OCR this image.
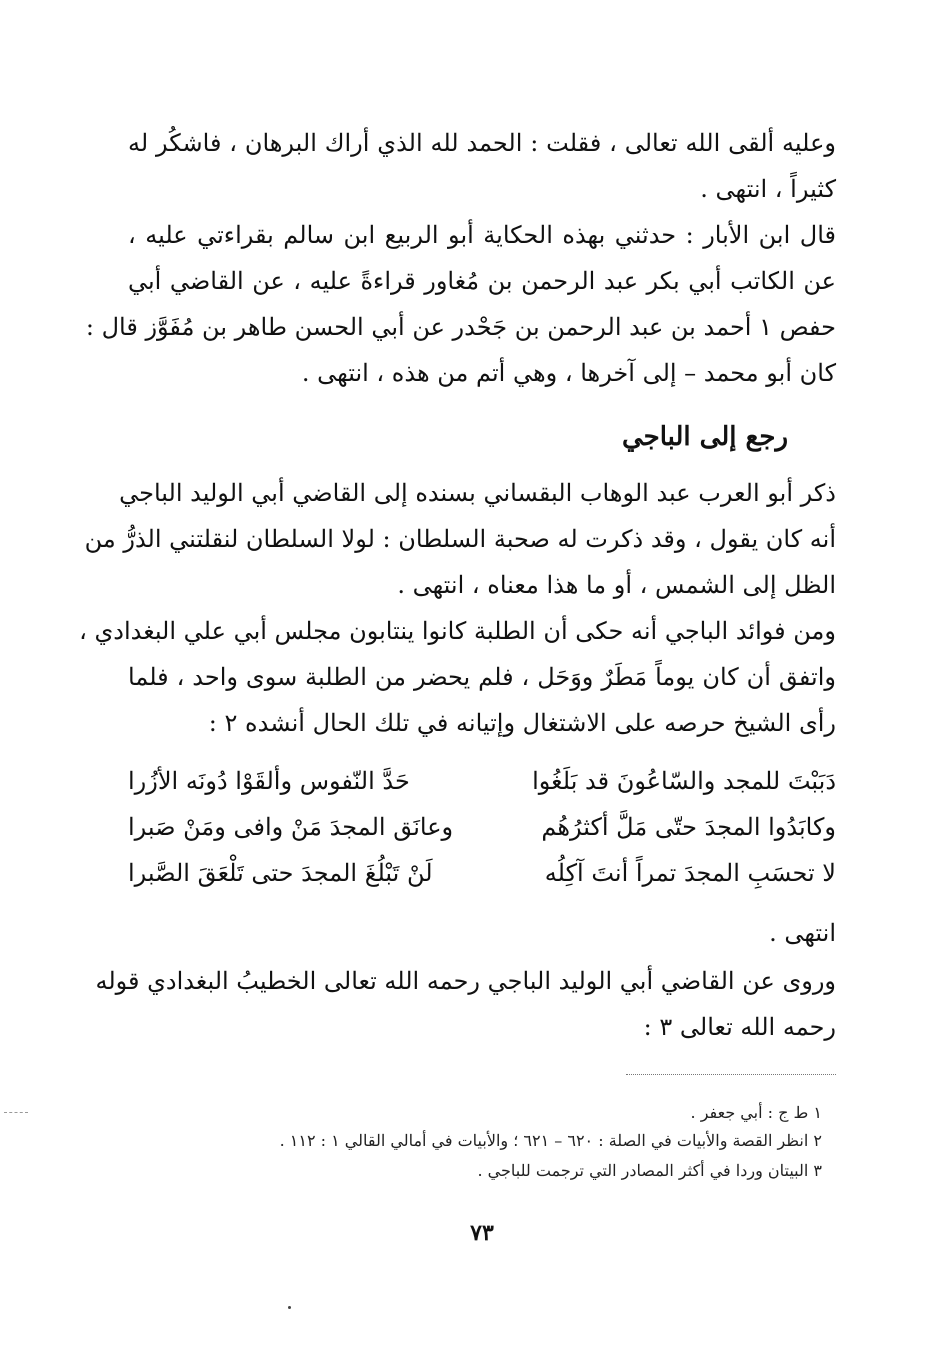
وعليه ألقى الله تعالى ، فقلت : الحمد لله الذي أراك البرهان ، فاشكُر له
كثيراً ، انتهى .
قال ابن الأبار : حدثني بهذه الحكاية أبو الربيع ابن سالم بقراءتي عليه ،
عن الكاتب أبي بكر عبد الرحمن بن مُغاور قراءةً عليه ، عن القاضي أبي
حفص ١ أحمد بن عبد الرحمن بن جَحْدر عن أبي الحسن طاهر بن مُفَوَّز قال :
كان أبو محمد – إلى آخرها ، وهي أتم من هذه ، انتهى .
رجع إلى الباجي
ذكر أبو العرب عبد الوهاب البقساني بسنده إلى القاضي أبي الوليد الباجي
أنه كان يقول ، وقد ذكرت له صحبة السلطان : لولا السلطان لنقلتني الذرُّ من
الظل إلى الشمس ، أو ما هذا معناه ، انتهى .
ومن فوائد الباجي أنه حكى أن الطلبة كانوا ينتابون مجلس أبي علي البغدادي ،
واتفق أن كان يوماً مَطَرٌ ووَحَل ، فلم يحضر من الطلبة سوى واحد ، فلما
رأى الشيخ حرصه على الاشتغال وإتيانه في تلك الحال أنشده ٢ :
دَبَبْتَ للمجد والسّاعُونَ قد بَلَغُوا
حَدَّ النّفوس وألقَوْا دُونَه الأزُرا
وكابَدُوا المجدَ حتّى مَلَّ أكثرُهُم
وعانَق المجدَ مَنْ وافى ومَنْ صَبرا
لا تحسَبِ المجدَ تمراً أنتَ آكِلُه
لَنْ تَبْلُغَ المجدَ حتى تَلْعَقَ الصَّبرا
انتهى .
وروى عن القاضي أبي الوليد الباجي رحمه الله تعالى الخطيبُ البغدادي قوله
رحمه الله تعالى ٣ :
١ ط ج : أبي جعفر .
٢ انظر القصة والأبيات في الصلة : ٦٢٠ – ٦٢١ ؛ والأبيات في أمالي القالي ١ : ١١٢ .
٣ البيتان وردا في أكثر المصادر التي ترجمت للباجي .
٧٣
